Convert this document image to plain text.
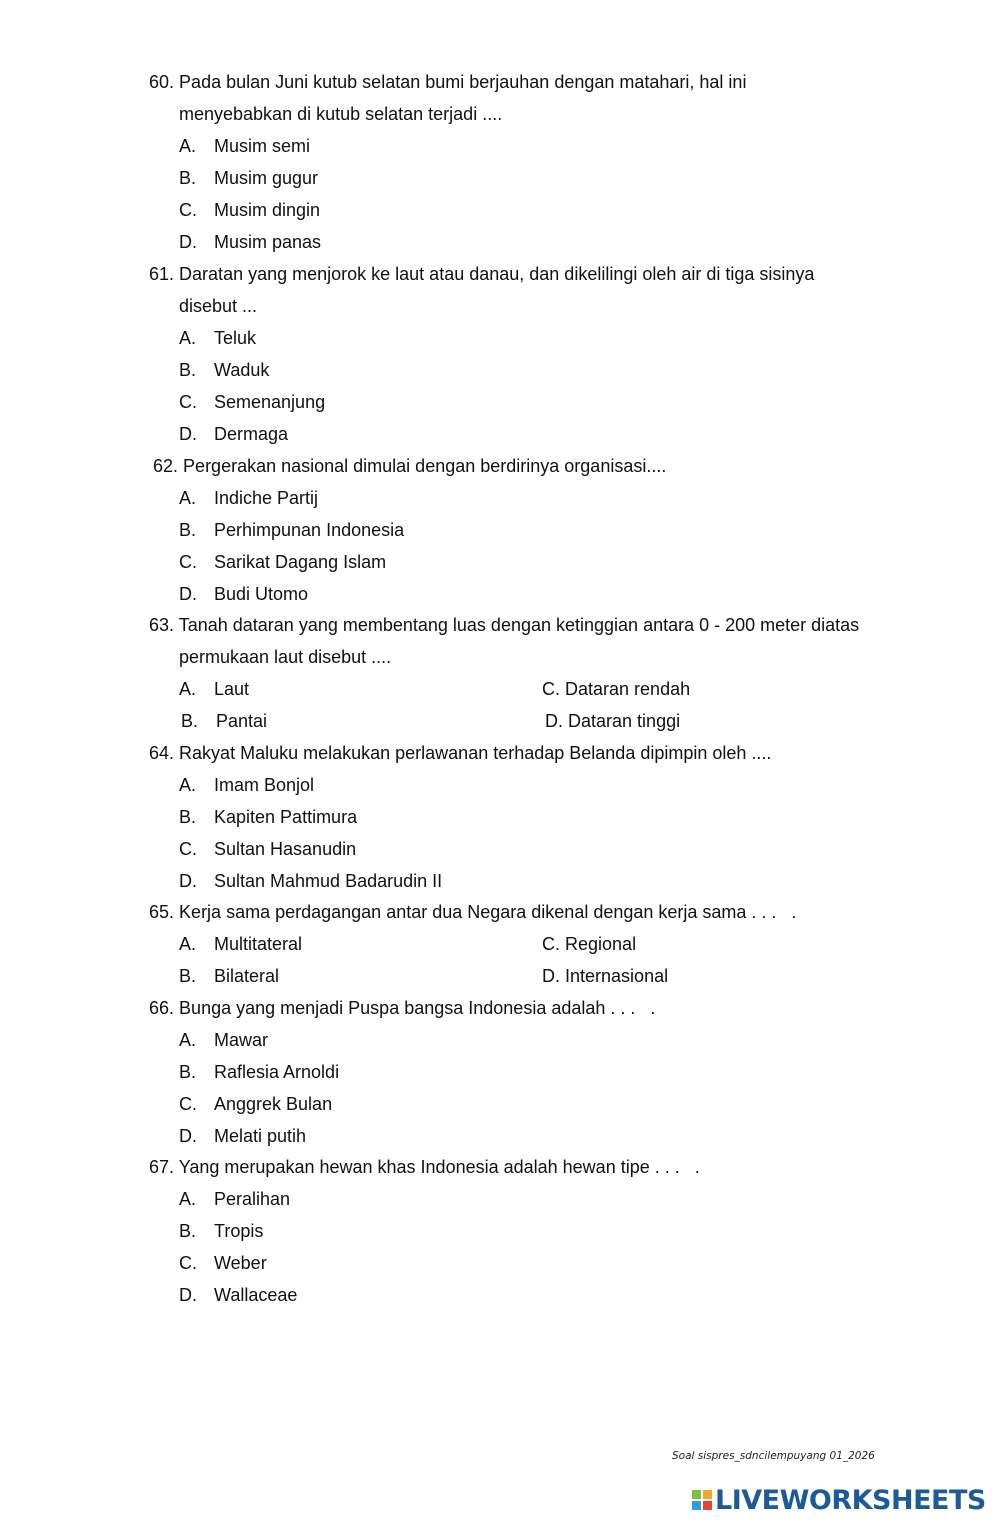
60. Pada bulan Juni kutub selatan bumi berjauhan dengan matahari, hal ini
menyebabkan di kutub selatan terjadi ....
A. Musim semi
B. Musim gugur
C. Musim dingin
D. Musim panas
61. Daratan yang menjorok ke laut atau danau, dan dikelilingi oleh air di tiga sisinya
disebut ...
A. Teluk
B. Waduk
C. Semenanjung
D. Dermaga
62. Pergerakan nasional dimulai dengan berdirinya organisasi....
A. Indiche Partij
B. Perhimpunan Indonesia
C. Sarikat Dagang Islam
D. Budi Utomo
63. Tanah dataran yang membentang luas dengan ketinggian antara 0 - 200 meter diatas
permukaan laut disebut ....
A. Laut
B. Pantai
C. Dataran rendah
D. Dataran tinggi
64. Rakyat Maluku melakukan perlawanan terhadap Belanda dipimpin oleh ....
A. Imam Bonjol
B. Kapiten Pattimura
C. Sultan Hasanudin
D. Sultan Mahmud Badarudin II
65. Kerja sama perdagangan antar dua Negara dikenal dengan kerja sama . . .   .
A. Multitateral
B. Bilateral
C. Regional
D. Internasional
66. Bunga yang menjadi Puspa bangsa Indonesia adalah . . .   .
A. Mawar
B. Raflesia Arnoldi
C. Anggrek Bulan
D. Melati putih
67. Yang merupakan hewan khas Indonesia adalah hewan tipe . . .   .
A. Peralihan
B. Tropis
C. Weber
D. Wallaceae
Soal sispres_sdncilempuyang 01_2026
LIVEWORKSHEETS
